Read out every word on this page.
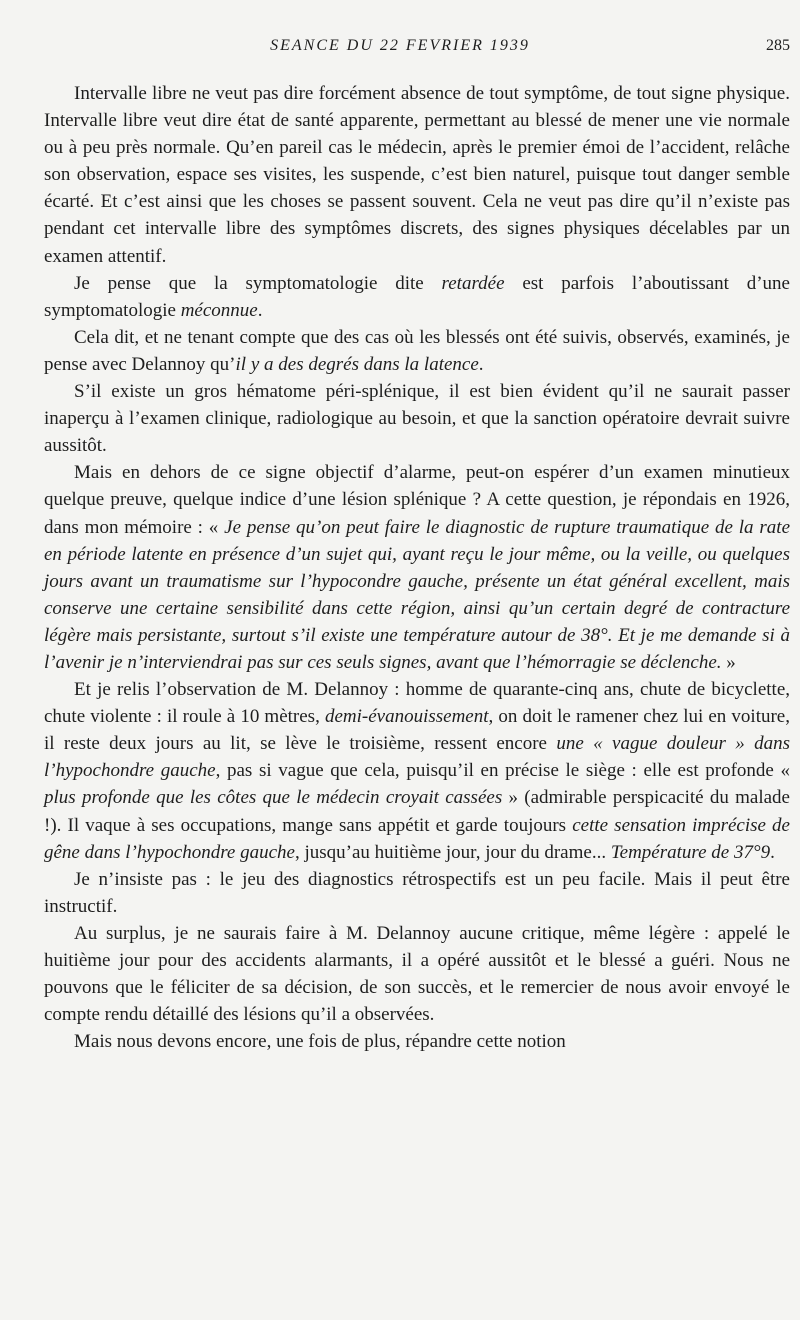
SEANCE DU 22 FEVRIER 1939	285

Intervalle libre ne veut pas dire forcément absence de tout symptôme, de tout signe physique. Intervalle libre veut dire état de santé apparente, permettant au blessé de mener une vie normale ou à peu près normale. Qu’en pareil cas le médecin, après le premier émoi de l’accident, relâche son observation, espace ses visites, les suspende, c’est bien naturel, puisque tout danger semble écarté. Et c’est ainsi que les choses se passent souvent. Cela ne veut pas dire qu’il n’existe pas pendant cet intervalle libre des symptômes discrets, des signes physiques décelables par un examen attentif.

Je pense que la symptomatologie dite retardée est parfois l’aboutissant d’une symptomatologie méconnue.

Cela dit, et ne tenant compte que des cas où les blessés ont été suivis, observés, examinés, je pense avec Delannoy qu’il y a des degrés dans la latence.

S’il existe un gros hématome péri-splénique, il est bien évident qu’il ne saurait passer inaperçu à l’examen clinique, radiologique au besoin, et que la sanction opératoire devrait suivre aussitôt.

Mais en dehors de ce signe objectif d’alarme, peut-on espérer d’un examen minutieux quelque preuve, quelque indice d’une lésion splénique ? A cette question, je répondais en 1926, dans mon mémoire : « Je pense qu’on peut faire le diagnostic de rupture traumatique de la rate en période latente en présence d’un sujet qui, ayant reçu le jour même, ou la veille, ou quelques jours avant un traumatisme sur l’hypocondre gauche, présente un état général excellent, mais conserve une certaine sensibilité dans cette région, ainsi qu’un certain degré de contracture légère mais persistante, surtout s’il existe une température autour de 38°. Et je me demande si à l’avenir je n’interviendrai pas sur ces seuls signes, avant que l’hémorragie se déclenche. »

Et je relis l’observation de M. Delannoy : homme de quarante-cinq ans, chute de bicyclette, chute violente : il roule à 10 mètres, demi-évanouissement, on doit le ramener chez lui en voiture, il reste deux jours au lit, se lève le troisième, ressent encore une « vague douleur » dans l’hypochondre gauche, pas si vague que cela, puisqu’il en précise le siège : elle est profonde « plus profonde que les côtes que le médecin croyait cassées » (admirable perspicacité du malade !). Il vaque à ses occupations, mange sans appétit et garde toujours cette sensation imprécise de gêne dans l’hypochondre gauche, jusqu’au huitième jour, jour du drame... Température de 37°9.

Je n’insiste pas : le jeu des diagnostics rétrospectifs est un peu facile. Mais il peut être instructif.

Au surplus, je ne saurais faire à M. Delannoy aucune critique, même légère : appelé le huitième jour pour des accidents alarmants, il a opéré aussitôt et le blessé a guéri. Nous ne pouvons que le féliciter de sa décision, de son succès, et le remercier de nous avoir envoyé le compte rendu détaillé des lésions qu’il a observées.

Mais nous devons encore, une fois de plus, répandre cette notion
